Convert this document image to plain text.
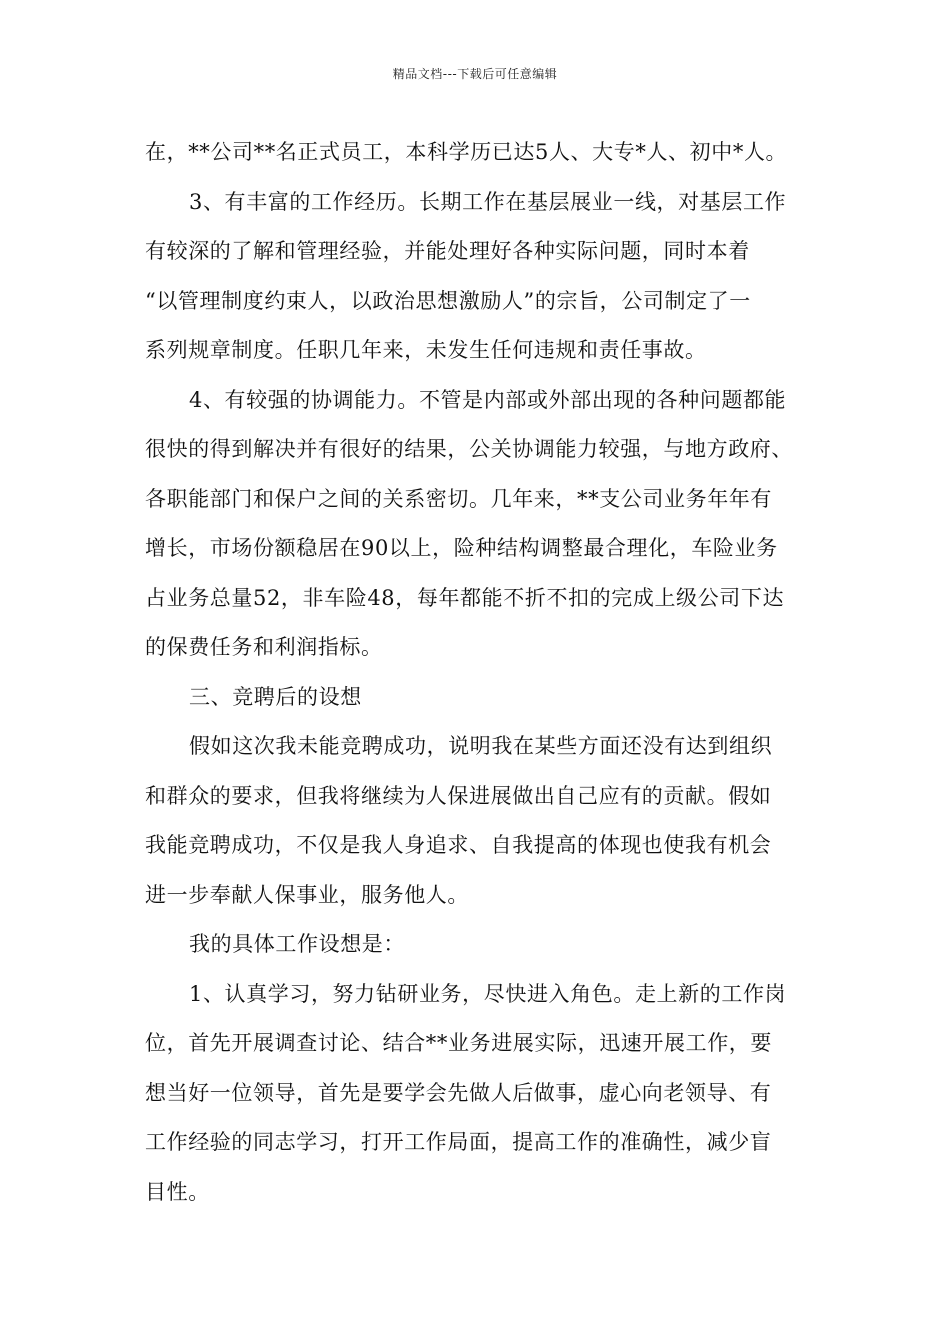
精品文档---下载后可任意编辑
在，**公司**名正式员工，本科学历已达5人、大专*人、初中*人。
3、有丰富的工作经历。长期工作在基层展业一线，对基层工作
有较深的了解和管理经验，并能处理好各种实际问题，同时本着
“以管理制度约束人，以政治思想激励人”的宗旨，公司制定了一
系列规章制度。任职几年来，未发生任何违规和责任事故。
4、有较强的协调能力。不管是内部或外部出现的各种问题都能
很快的得到解决并有很好的结果，公关协调能力较强，与地方政府、
各职能部门和保户之间的关系密切。几年来，**支公司业务年年有
增长，市场份额稳居在90以上，险种结构调整最合理化，车险业务
占业务总量52，非车险48，每年都能不折不扣的完成上级公司下达
的保费任务和利润指标。
三、竞聘后的设想
假如这次我未能竞聘成功，说明我在某些方面还没有达到组织
和群众的要求，但我将继续为人保进展做出自己应有的贡献。假如
我能竞聘成功，不仅是我人身追求、自我提高的体现也使我有机会
进一步奉献人保事业，服务他人。
我的具体工作设想是：
1、认真学习，努力钻研业务，尽快进入角色。走上新的工作岗
位，首先开展调查讨论、结合**业务进展实际，迅速开展工作，要
想当好一位领导，首先是要学会先做人后做事，虚心向老领导、有
工作经验的同志学习，打开工作局面，提高工作的准确性，减少盲
目性。
